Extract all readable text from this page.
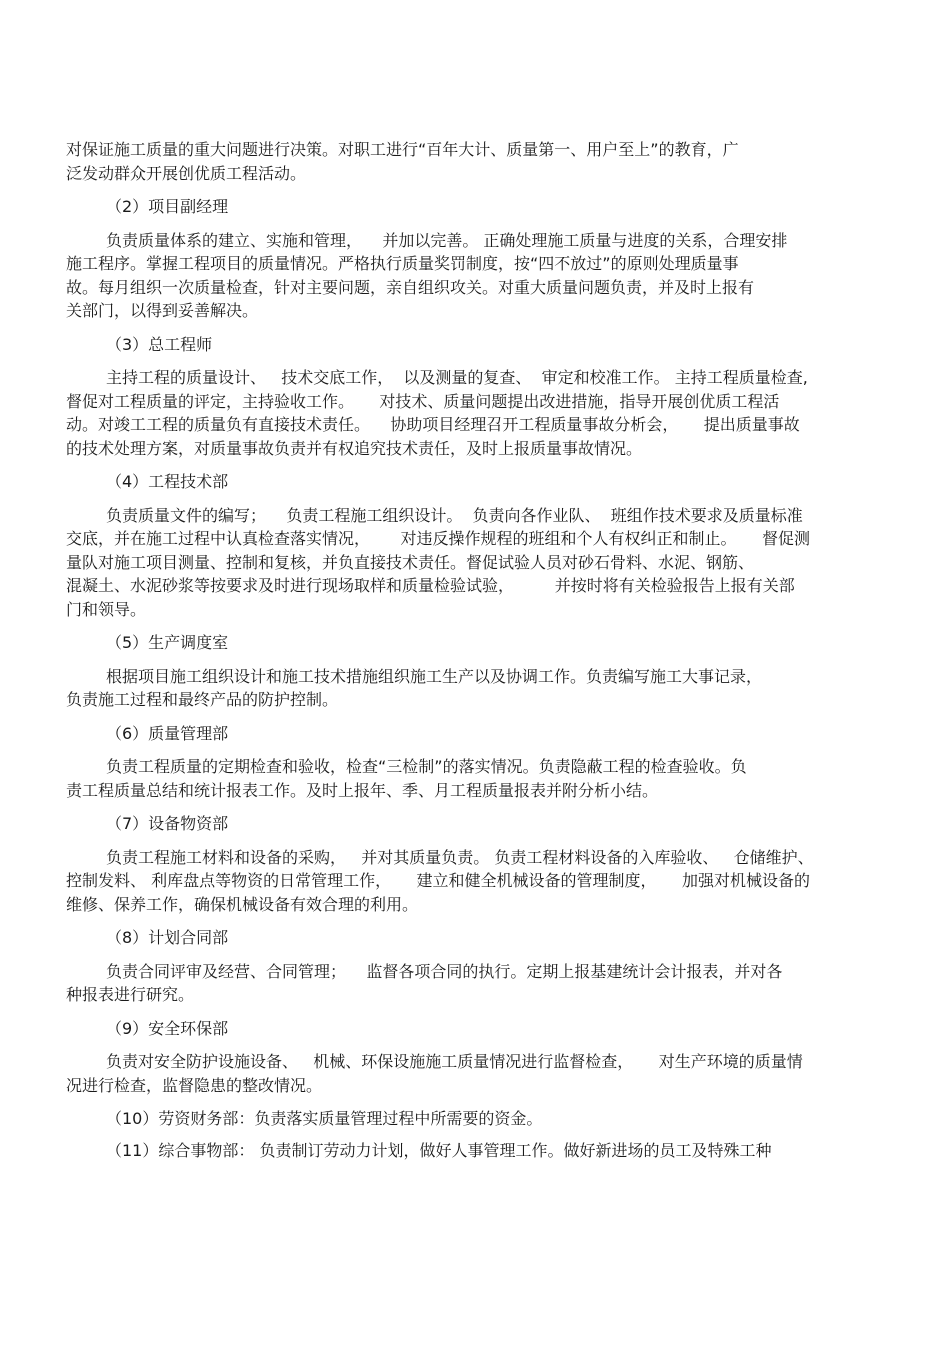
对保证施工质量的重大问题进行决策。对职工进行“百年大计、质量第一、用户至上”的教育，广

泛发动群众开展创优质工程活动。

（2）项目副经理

负责质量体系的建立、实施和管理，    并加以完善。 正确处理施工质量与进度的关系，合理安排

施工程序。掌握工程项目的质量情况。严格执行质量奖罚制度，按“四不放过”的原则处理质量事

故。每月组织一次质量检查，针对主要问题，亲自组织攻关。对重大质量问题负责，并及时上报有

关部门，以得到妥善解决。

（3）总工程师

主持工程的质量设计、   技术交底工作，  以及测量的复查、  审定和校准工作。 主持工程质量检查,

督促对工程质量的评定，主持验收工作。     对技术、质量问题提出改进措施，指导开展创优质工程活

动。对竣工工程的质量负有直接技术责任。    协助项目经理召开工程质量事故分析会，     提出质量事故

的技术处理方案，对质量事故负责并有权追究技术责任，及时上报质量事故情况。

（4）工程技术部

负责质量文件的编写；    负责工程施工组织设计。  负责向各作业队、  班组作技术要求及质量标准

交底，并在施工过程中认真检查落实情况，      对违反操作规程的班组和个人有权纠正和制止。     督促测

量队对施工项目测量、控制和复核，并负直接技术责任。督促试验人员对砂石骨料、水泥、钢筋、

混凝土、水泥砂浆等按要求及时进行现场取样和质量检验试验，        并按时将有关检验报告上报有关部

门和领导。

（5）生产调度室

根据项目施工组织设计和施工技术措施组织施工生产以及协调工作。负责编写施工大事记录，

负责施工过程和最终产品的防护控制。

（6）质量管理部

负责工程质量的定期检查和验收，检查“三检制”的落实情况。负责隐蔽工程的检查验收。负

责工程质量总结和统计报表工作。及时上报年、季、月工程质量报表并附分析小结。

（7）设备物资部

负责工程施工材料和设备的采购，   并对其质量负责。 负责工程材料设备的入库验收、   仓储维护、

控制发料、 利库盘点等物资的日常管理工作，     建立和健全机械设备的管理制度，     加强对机械设备的

维修、保养工作，确保机械设备有效合理的利用。

（8）计划合同部

负责合同评审及经营、合同管理；    监督各项合同的执行。定期上报基建统计会计报表，并对各

种报表进行研究。

（9）安全环保部

负责对安全防护设施设备、   机械、环保设施施工质量情况进行监督检查，     对生产环境的质量情

况进行检查，监督隐患的整改情况。

（10）劳资财务部：负责落实质量管理过程中所需要的资金。

（11）综合事物部： 负责制订劳动力计划，做好人事管理工作。做好新进场的员工及特殊工种
